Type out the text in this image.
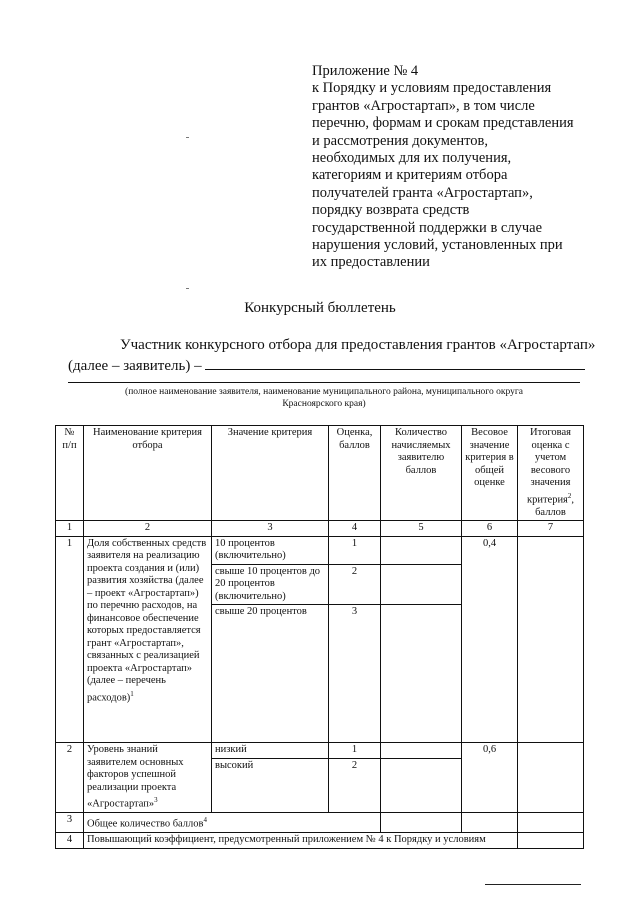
Приложение № 4
к Порядку и условиям предоставления
грантов «Агростартап», в том числе
перечню, формам и срокам представления
и рассмотрения документов,
необходимых для их получения,
категориям и критериям отбора
получателей гранта «Агростартап»,
порядку возврата средств
государственной поддержки в случае
нарушения условий, установленных при
их предоставлении
Конкурсный бюллетень
Участник конкурсного отбора для предоставления грантов «Агростартап»
(далее – заявитель) –
(полное наименование заявителя, наименование муниципального района, муниципального округа
Красноярского края)
№ п/п	Наименование критерия отбора	Значение критерия	Оценка, баллов	Количество начисляемых заявителю баллов	Весовое значение критерия в общей оценке	Итоговая оценка с учетом весового значения критерия$^2$, баллов
1	2	3	4	5	6	7
1	Доля собственных средств заявителя на реализацию проекта создания и (или) развития хозяйства (далее – проект «Агростартап») по перечню расходов, на финансовое обеспечение которых предоставляется грант «Агростартап», связанных с реализацией проекта «Агростартап» (далее – перечень расходов)$^1$	10 процентов (включительно)	1		0,4	
		свыше 10 процентов до 20 процентов (включительно)	2			
		свыше 20 процентов	3			
2	Уровень знаний заявителем основных факторов успешной реализации проекта «Агростартап»$^3$	низкий	1		0,6	
		высокий	2			
3	Общее количество баллов$^4$			
4	Повышающий коэффициент, предусмотренный приложением № 4 к Порядку и условиям					
